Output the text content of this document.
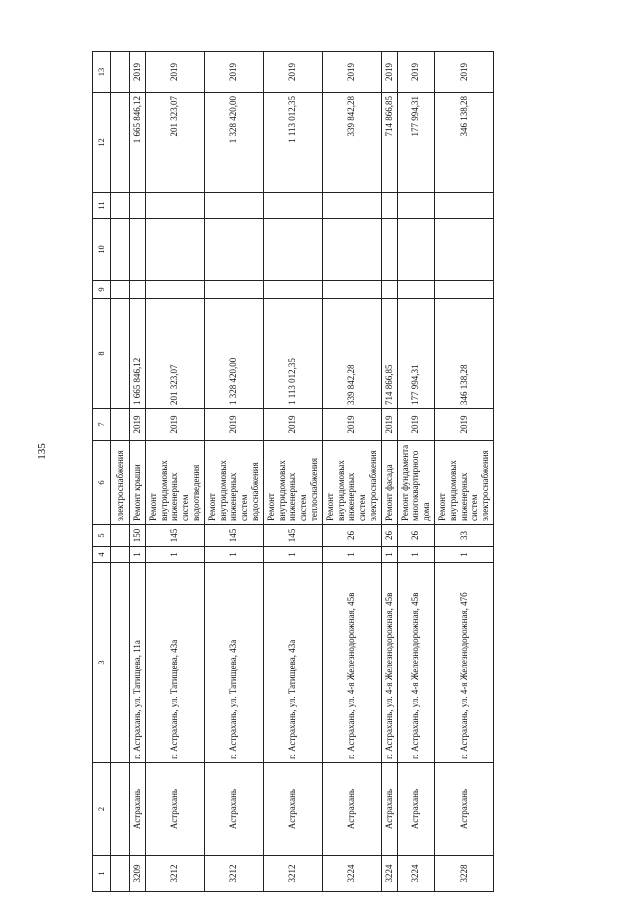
135
1	2	3	4	5	6	7	8	9	10	11	12	13
					электроснабжения							
3209	Астрахань	г. Астрахань, ул. Татищева, 11а	1	150	Ремонт крыши	2019	1 665 846,12				1 665 846,12	2019
3212	Астрахань	г. Астрахань, ул. Татищева, 43а	1	145	Ремонт внутридомовых инженерных систем водоотведения	2019	201 323,07				201 323,07	2019
3212	Астрахань	г. Астрахань, ул. Татищева, 43а	1	145	Ремонт внутридомовых инженерных систем водоснабжения	2019	1 328 420,00				1 328 420,00	2019
3212	Астрахань	г. Астрахань, ул. Татищева, 43а	1	145	Ремонт внутридомовых инженерных систем теплоснабжения	2019	1 113 012,35				1 113 012,35	2019
3224	Астрахань	г. Астрахань, ул. 4-я Железнодорожная, 45в	1	26	Ремонт внутридомовых инженерных систем электроснабжения	2019	339 842,28				339 842,28	2019
3224	Астрахань	г. Астрахань, ул. 4-я Железнодорожная, 45в	1	26	Ремонт фасада	2019	714 866,85				714 866,85	2019
3224	Астрахань	г. Астрахань, ул. 4-я Железнодорожная, 45в	1	26	Ремонт фундамента многоквартирного дома	2019	177 994,31				177 994,31	2019
3228	Астрахань	г. Астрахань, ул. 4-я Железнодорожная, 47б	1	33	Ремонт внутридомовых инженерных систем электроснабжения	2019	346 138,28				346 138,28	2019
